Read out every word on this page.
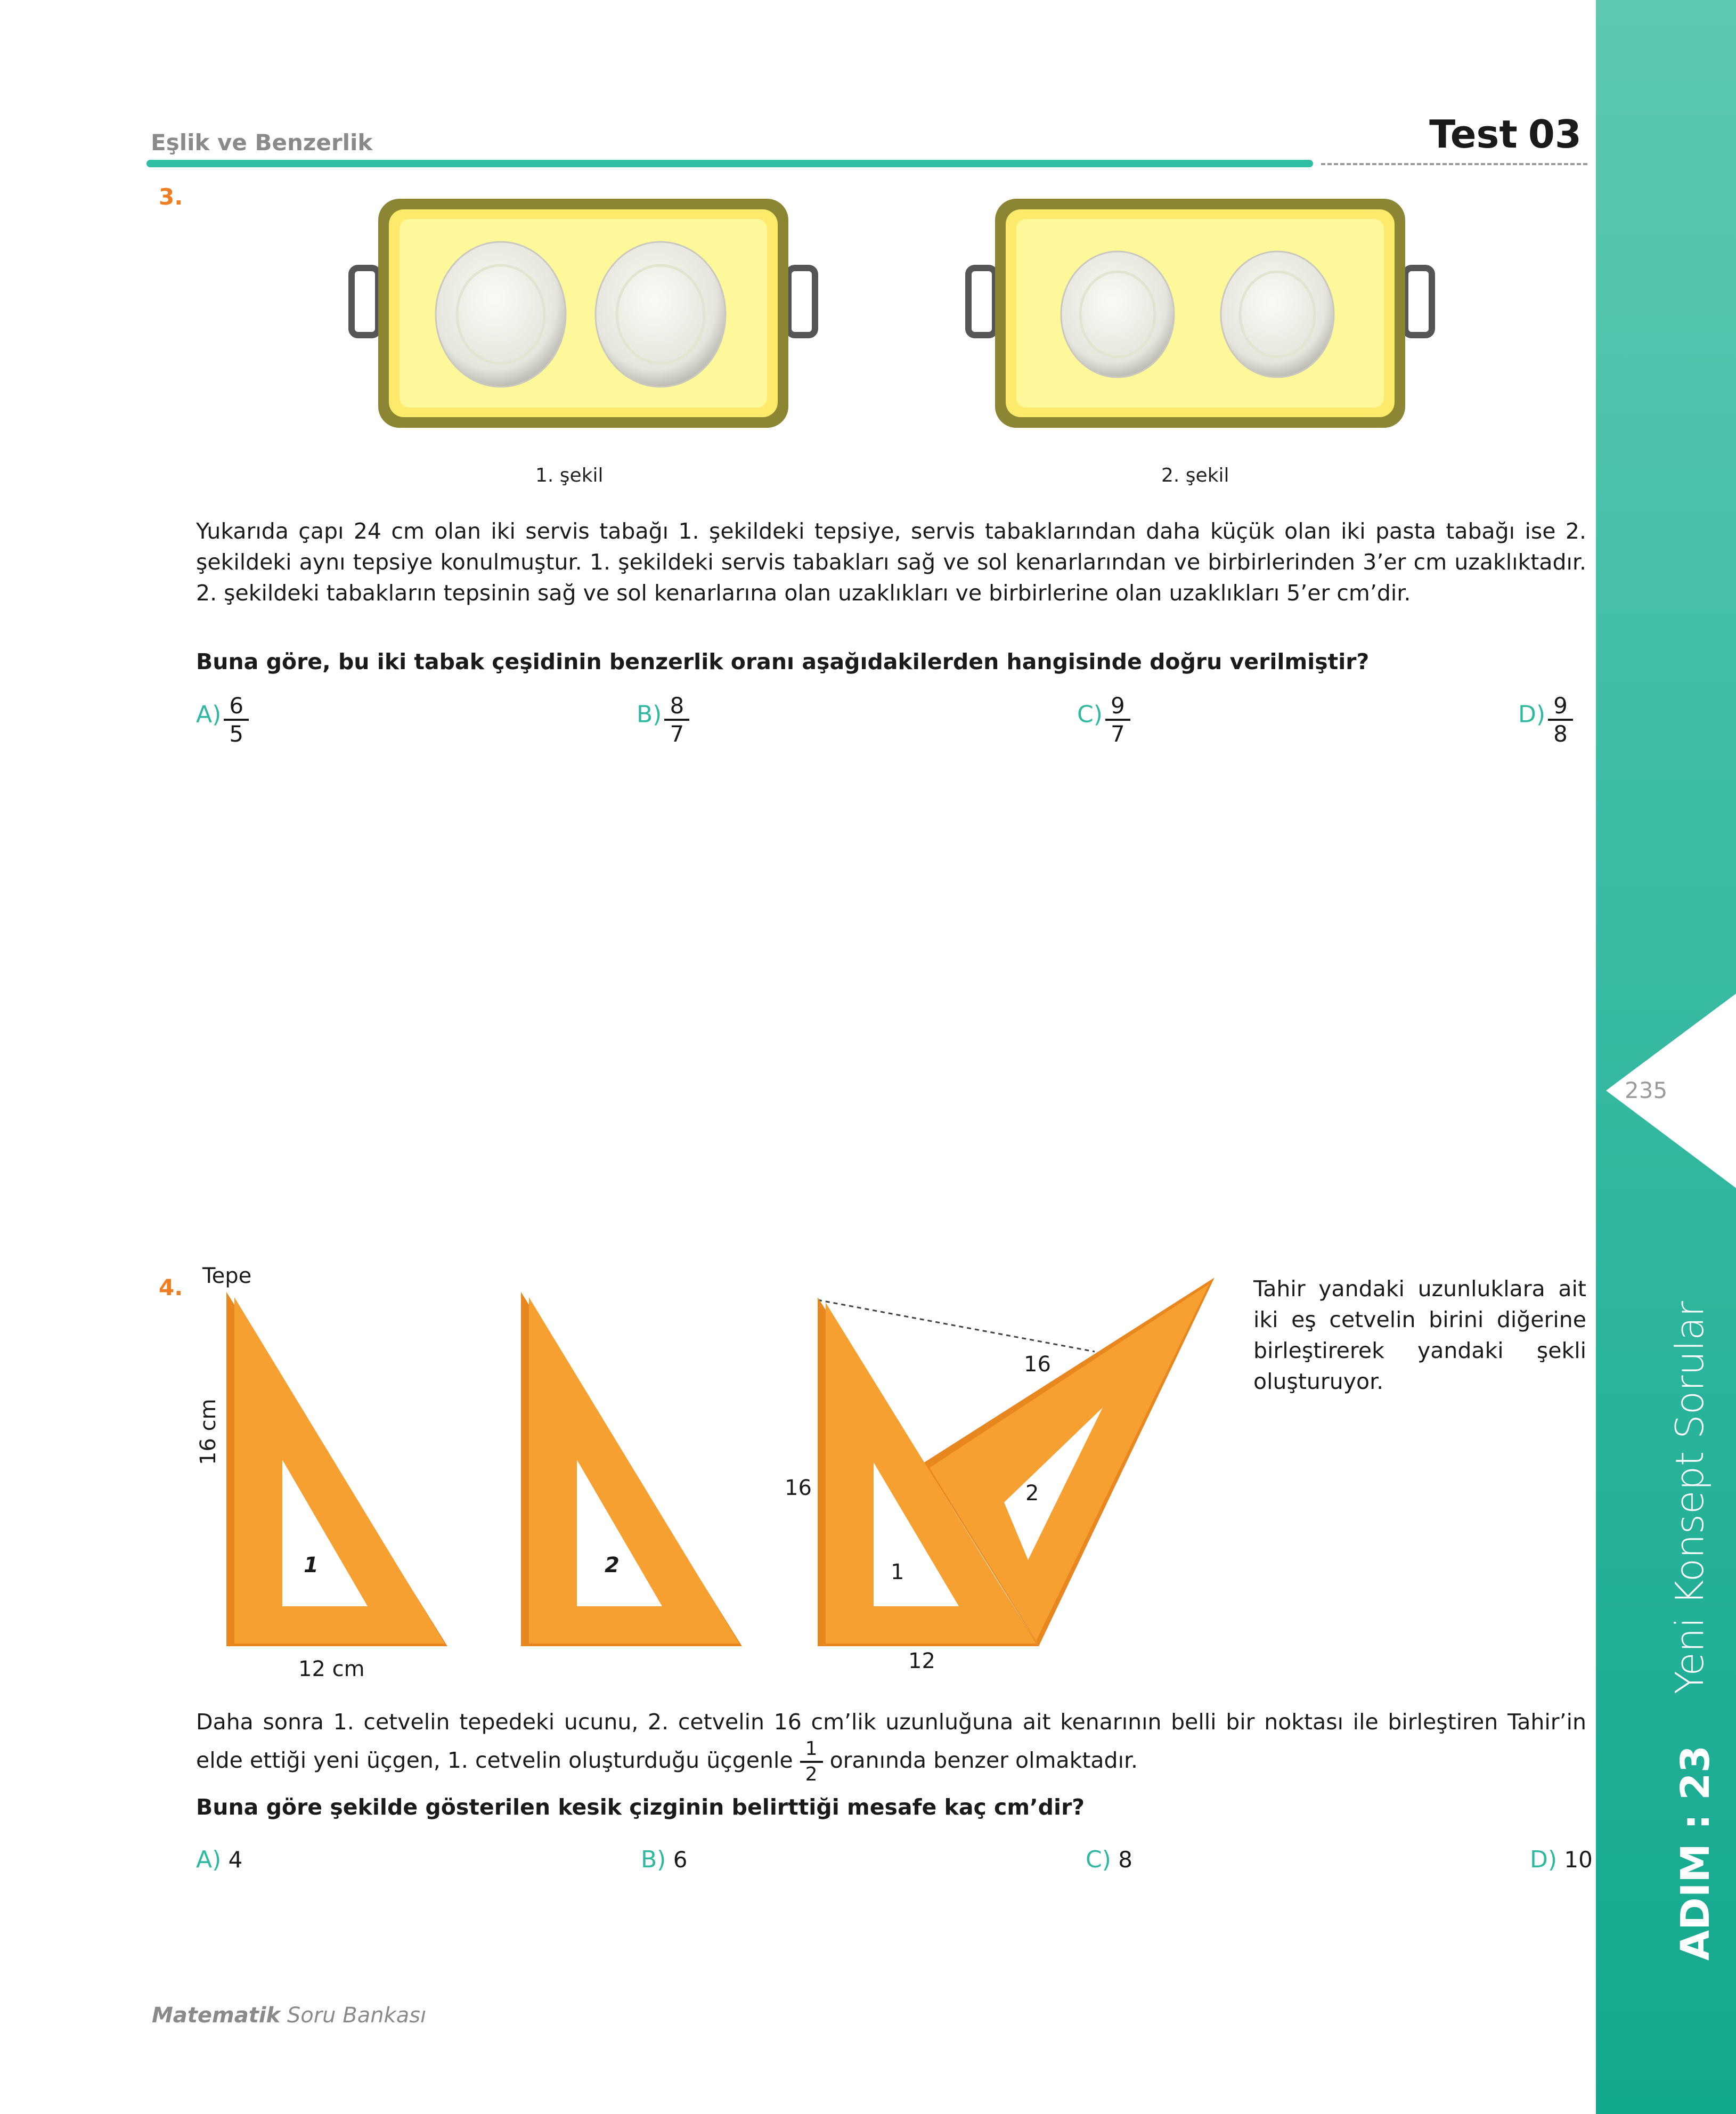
Eşlik ve Benzerlik	Test 03
235
Yeni Konsept Sorular
ADIM : 23
3.
1. şekil	2. şekil
Yukarıda çapı 24 cm olan iki servis tabağı 1. şekildeki tepsiye, servis tabaklarından daha küçük olan iki pasta tabağı ise 2. şekildeki aynı tepsiye konulmuştur. 1. şekildeki servis tabakları sağ ve sol kenarlarından ve birbirlerinden 3’er cm uzaklıktadır. 2. şekildeki tabakların tepsinin sağ ve sol kenarlarına olan uzaklıkları ve birbirlerine olan uzaklıkları 5’er cm’dir.
Buna göre, bu iki tabak çeşidinin benzerlik oranı aşağıdakilerden hangisinde doğru verilmiştir?
$A) \frac{6}{5}$	$B) \frac{8}{7}$	$C) \frac{9}{7}$	$D) \frac{9}{8}$
4. Tepe
16 cm
12 cm
1	2
16
16
12
1
2
Tahir yandaki uzunluklara ait iki eş cetvelin birini diğerine birleştirerek yandaki şekli oluşturuyor.
Daha sonra 1. cetvelin tepedeki ucunu, 2. cetvelin 16 cm’lik uzunluğuna ait kenarının belli bir noktası ile birleştiren Tahir’in elde ettiği yeni üçgen, 1. cetvelin oluşturduğu üçgenle $\frac{1}{2}$ oranında benzer olmaktadır.
Buna göre şekilde gösterilen kesik çizginin belirttiği mesafe kaç cm’dir?
A) 4	B) 6	C) 8	D) 10
Matematik Soru Bankası
